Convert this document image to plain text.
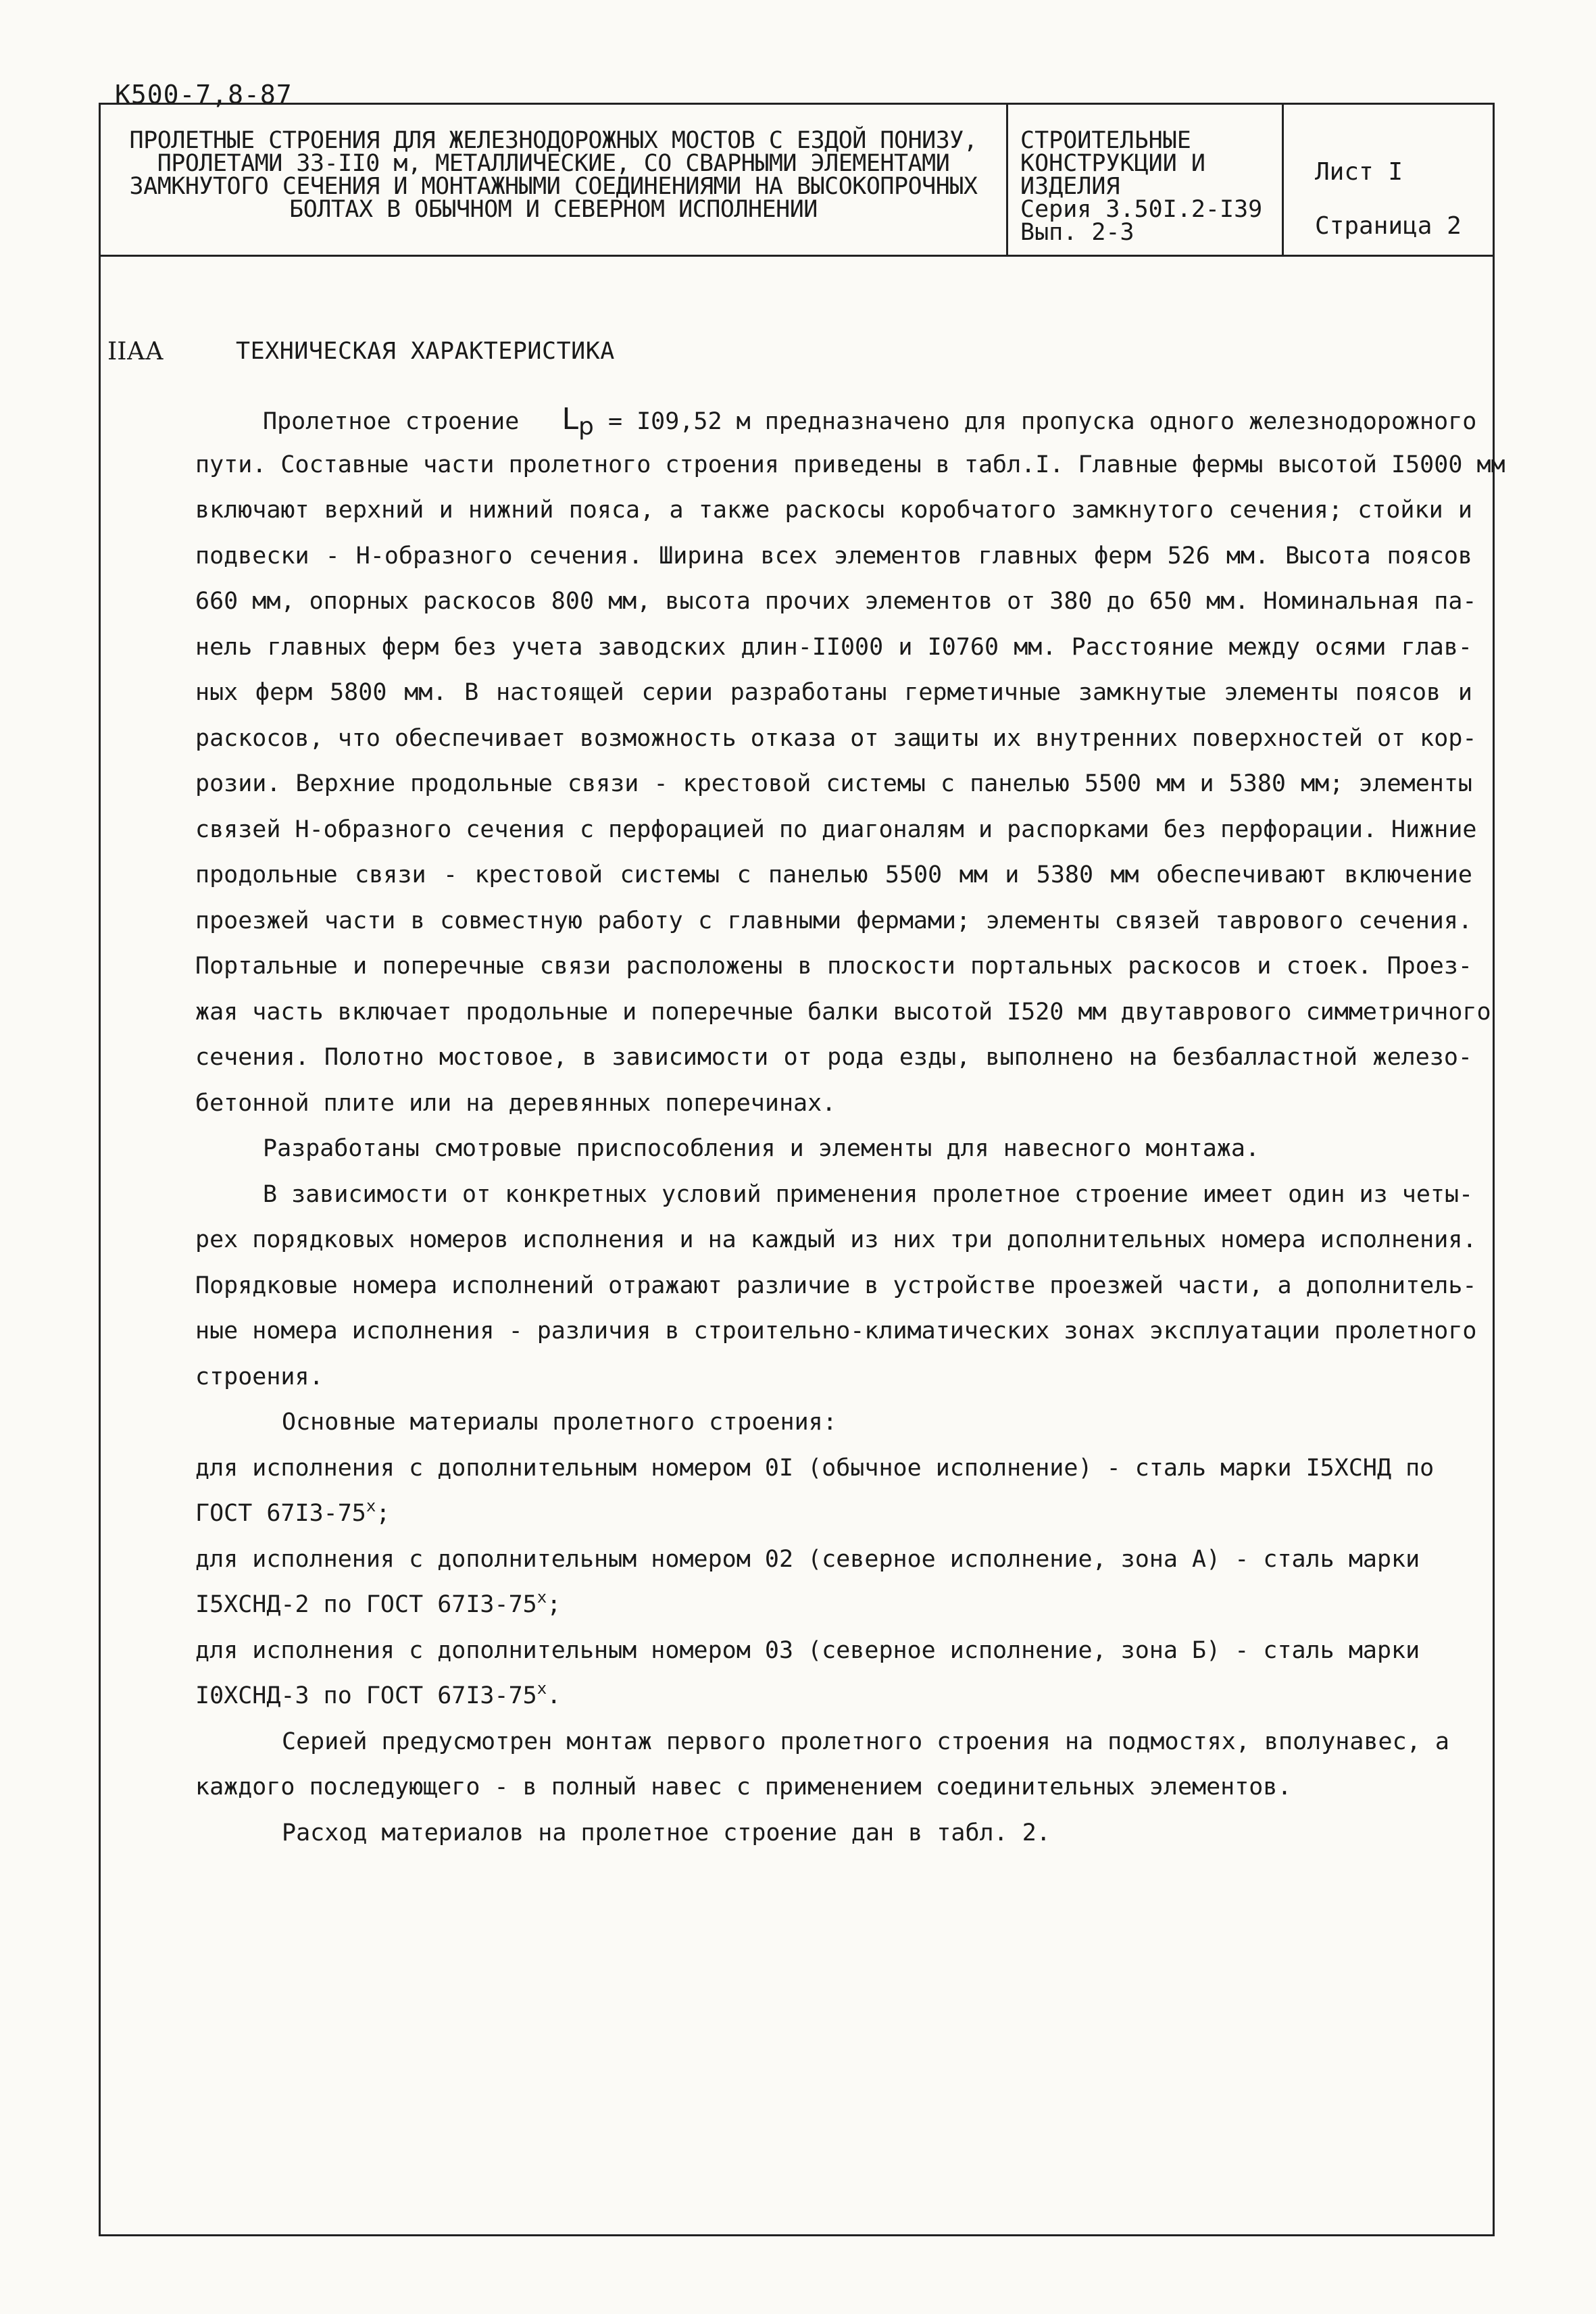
К500-7,8-87
ПРОЛЕТНЫЕ СТРОЕНИЯ ДЛЯ ЖЕЛЕЗНОДОРОЖНЫХ МОСТОВ С ЕЗДОЙ ПОНИЗУ,
ПРОЛЕТАМИ 33-II0 м, МЕТАЛЛИЧЕСКИЕ, СО СВАРНЫМИ ЭЛЕМЕНТАМИ
ЗАМКНУТОГО СЕЧЕНИЯ И МОНТАЖНЫМИ СОЕДИНЕНИЯМИ НА ВЫСОКОПРОЧНЫХ
БОЛТАХ В ОБЫЧНОМ И СЕВЕРНОМ ИСПОЛНЕНИИ
СТРОИТЕЛЬНЫЕ
КОНСТРУКЦИИ И
ИЗДЕЛИЯ
Серия 3.50I.2-I39
Вып. 2-3
Лист I
Страница 2
IIАА	ТЕХНИЧЕСКАЯ ХАРАКТЕРИСТИКА
Пролетное строение $L_p = I09,52$ м предназначено для пропуска одного железнодорожного
пути. Составные части пролетного строения приведены в табл.I. Главные фермы высотой I5000 мм
включают верхний и нижний пояса, а также раскосы коробчатого замкнутого сечения; стойки и
подвески - Н-образного сечения. Ширина всех элементов главных ферм 526 мм. Высота поясов
660 мм, опорных раскосов 800 мм, высота прочих элементов от 380 до 650 мм. Номинальная па-
нель главных ферм без учета заводских длин-II000 и I0760 мм. Расстояние между осями глав-
ных ферм 5800 мм. В настоящей серии разработаны герметичные замкнутые элементы поясов и
раскосов, что обеспечивает возможность отказа от защиты их внутренних поверхностей от кор-
розии. Верхние продольные связи - крестовой системы с панелью 5500 мм и 5380 мм; элементы
связей Н-образного сечения с перфорацией по диагоналям и распорками без перфорации. Нижние
продольные связи - крестовой системы с панелью 5500 мм и 5380 мм обеспечивают включение
проезжей части в совместную работу с главными фермами; элементы связей таврового сечения.
Портальные и поперечные связи расположены в плоскости портальных раскосов и стоек. Проез-
жая часть включает продольные и поперечные балки высотой I520 мм двутаврового симметричного
сечения. Полотно мостовое, в зависимости от рода езды, выполнено на безбалластной железо-
бетонной плите или на деревянных поперечинах.
Разработаны смотровые приспособления и элементы для навесного монтажа.
В зависимости от конкретных условий применения пролетное строение имеет один из четы-
рех порядковых номеров исполнения и на каждый из них три дополнительных номера исполнения.
Порядковые номера исполнений отражают различие в устройстве проезжей части, а дополнитель-
ные номера исполнения - различия в строительно-климатических зонах эксплуатации пролетного
строения.
Основные материалы пролетного строения:
для исполнения с дополнительным номером 0I (обычное исполнение) - сталь марки I5ХСНД по
ГОСТ $67I3-75^х$;
для исполнения с дополнительным номером 02 (северное исполнение, зона А) - сталь марки
I5ХСНД-2 по ГОСТ $67I3-75^х$;
для исполнения с дополнительным номером 03 (северное исполнение, зона Б) - сталь марки
I0ХСНД-3 по ГОСТ $67I3-75^х$.
Серией предусмотрен монтаж первого пролетного строения на подмостях, вполунавес, а
каждого последующего - в полный навес с применением соединительных элементов.
Расход материалов на пролетное строение дан в табл. 2.
